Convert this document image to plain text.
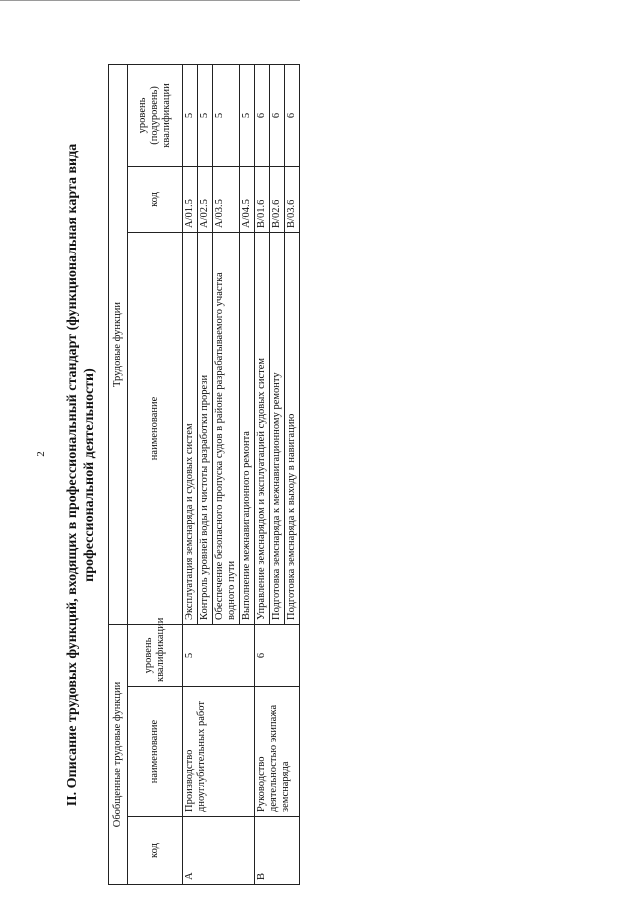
2 II. Описание трудовых функций, входящих в профессиональный стандарт (функциональная карта вида профессиональной деятельности)
Обобщенные трудовые функции			Трудовые функции		
код	наименование	уровень квалификации	наименование	код	уровень (подуровень) квалификации
A	Производство дноуглубительных работ	5	Эксплуатация земснаряда и судовых систем	A/01.5	5
			Контроль уровней воды и чистоты разработки прорези	A/02.5	5
			Обеспечение безопасного пропуска судов в районе разрабатываемого участка водного пути	A/03.5	5
			Выполнение межнавигационного ремонта	A/04.5	5
B	Руководство деятельностью экипажа земснаряда	6	Управление земснарядом и эксплуатацией судовых систем	B/01.6	6
			Подготовка земснаряда к межнавигационному ремонту	B/02.6	6
			Подготовка земснаряда к выходу в навигацию	B/03.6	6
